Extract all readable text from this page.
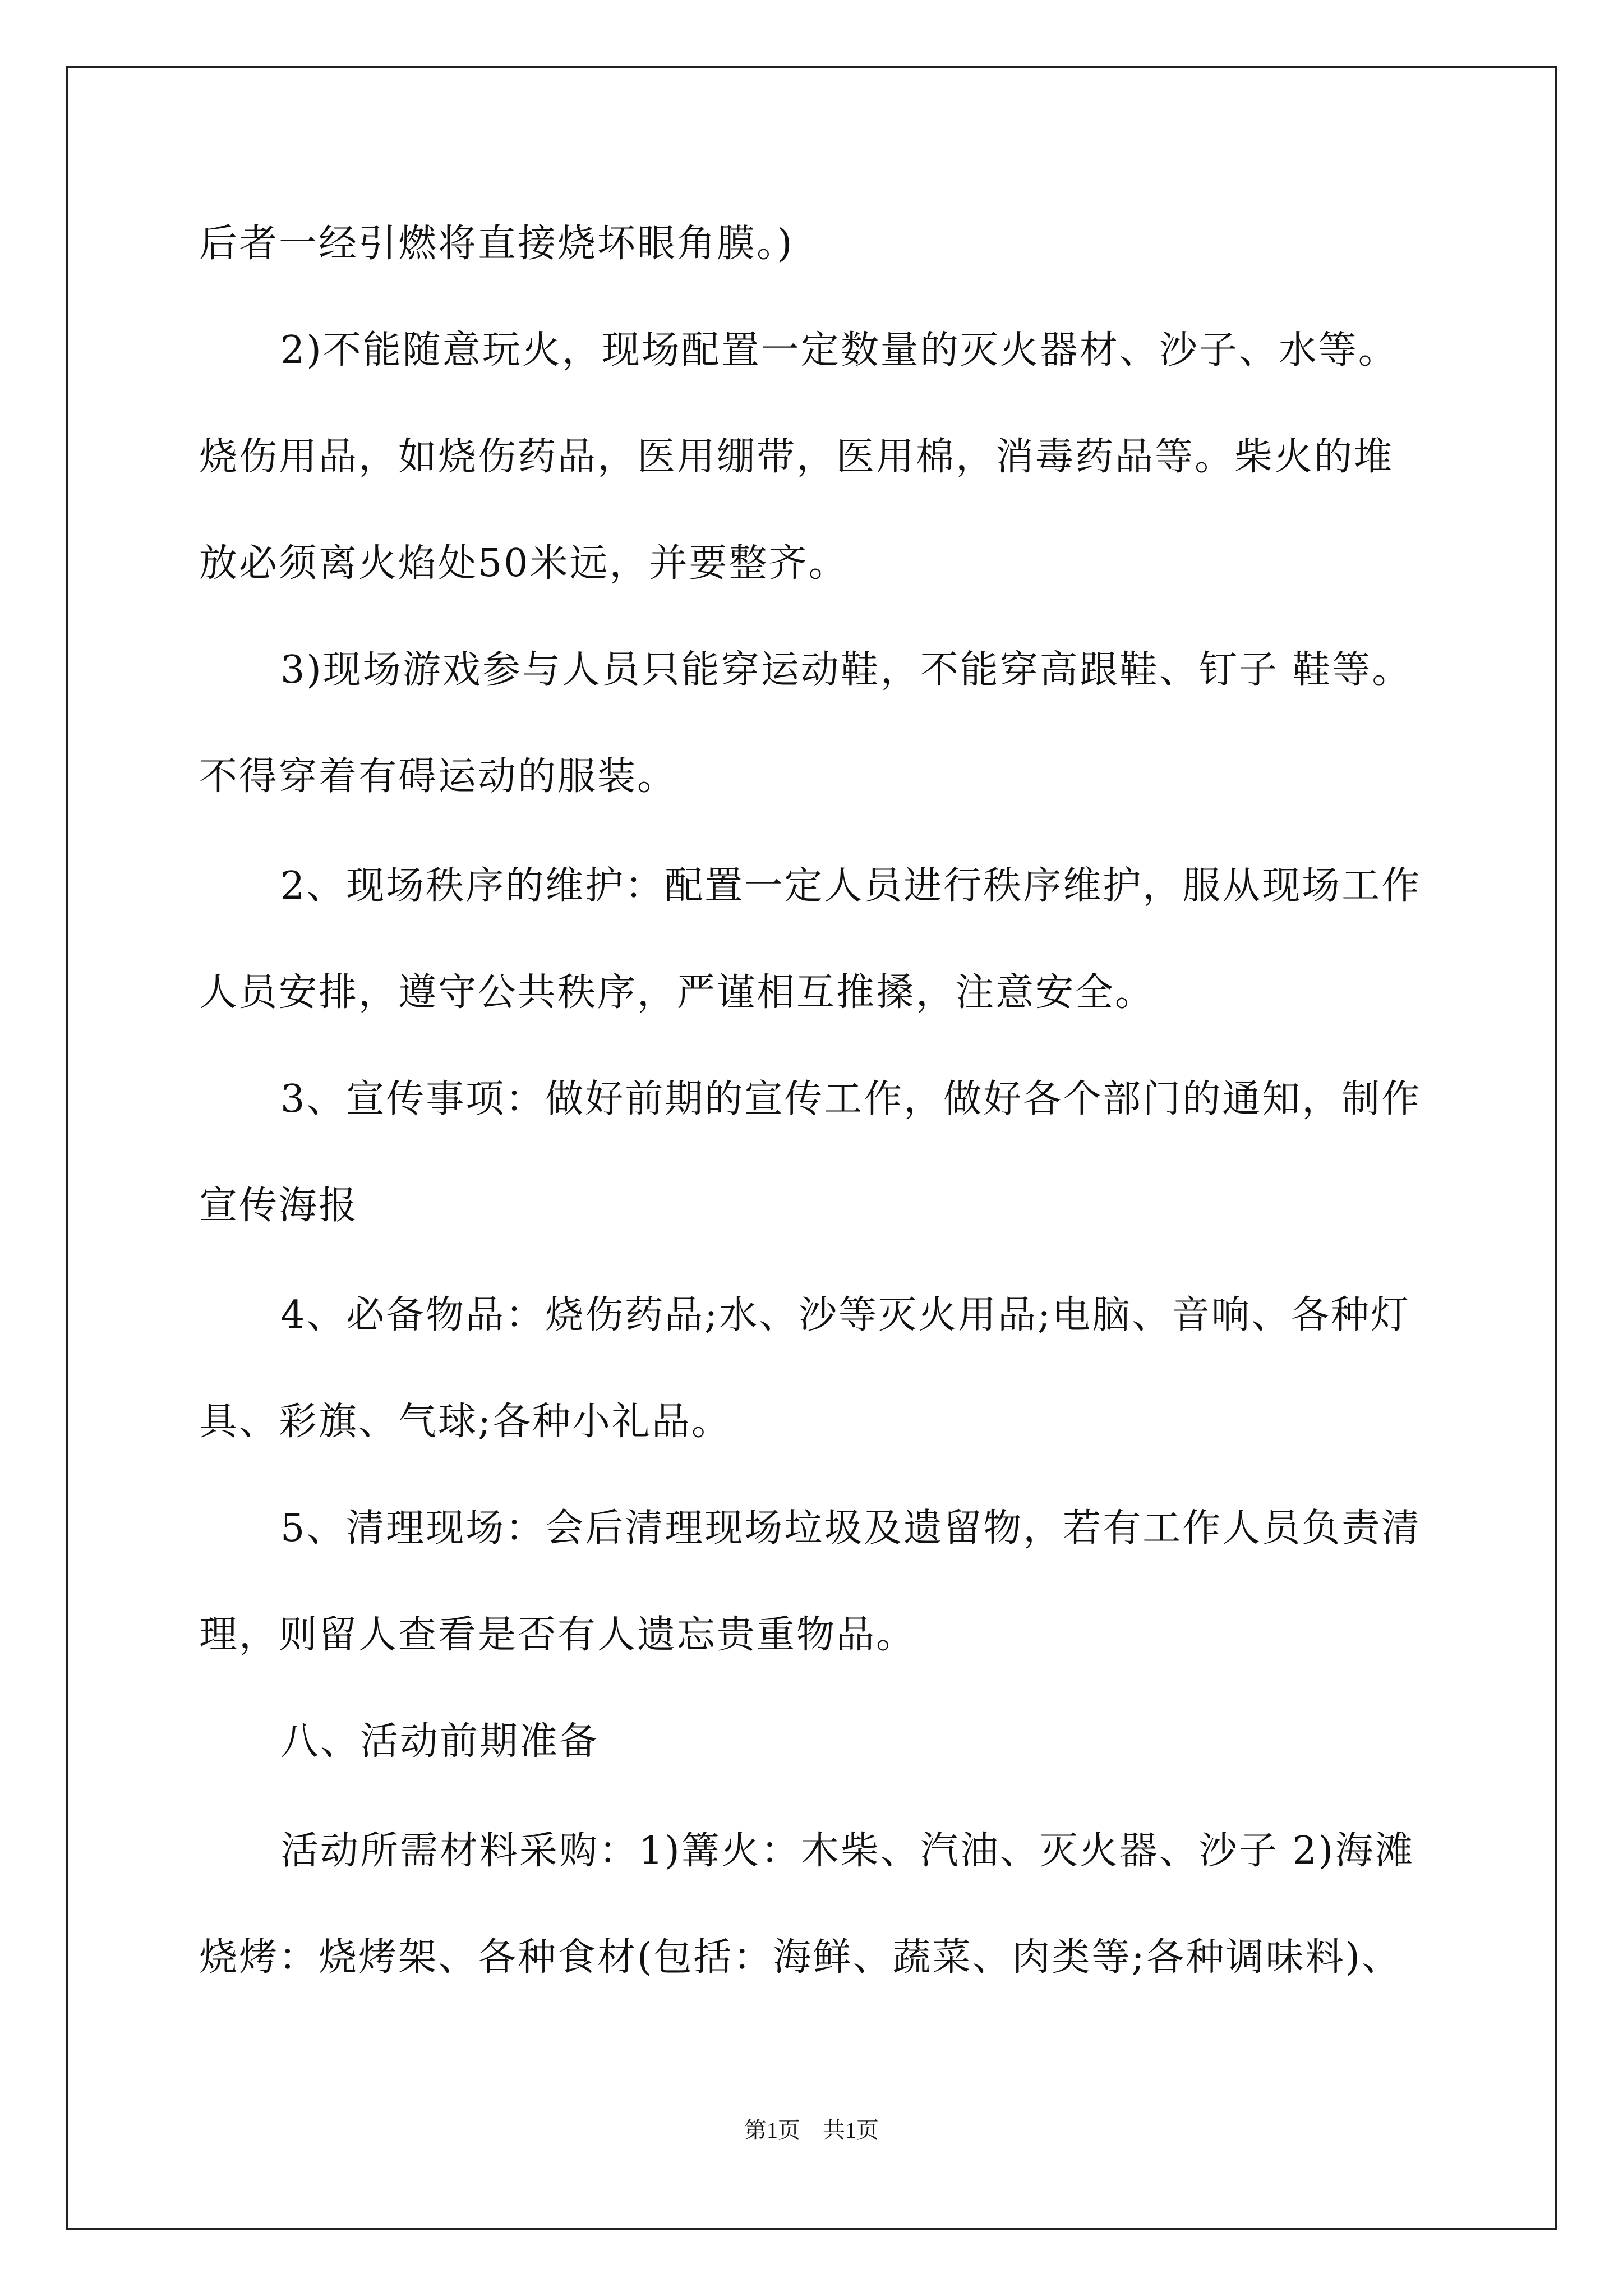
后者一经引燃将直接烧坏眼角膜。)
2)不能随意玩火，现场配置一定数量的灭火器材、沙子、水等。
烧伤用品，如烧伤药品，医用绷带，医用棉，消毒药品等。柴火的堆
放必须离火焰处50米远，并要整齐。
3)现场游戏参与人员只能穿运动鞋，不能穿高跟鞋、钉子 鞋等。
不得穿着有碍运动的服装。
2、现场秩序的维护：配置一定人员进行秩序维护，服从现场工作
人员安排，遵守公共秩序，严谨相互推搡，注意安全。
3、宣传事项：做好前期的宣传工作，做好各个部门的通知，制作
宣传海报
4、必备物品：烧伤药品;水、沙等灭火用品;电脑、音响、各种灯
具、彩旗、气球;各种小礼品。
5、清理现场：会后清理现场垃圾及遗留物，若有工作人员负责清
理，则留人查看是否有人遗忘贵重物品。
八、活动前期准备
活动所需材料采购：1)篝火：木柴、汽油、灭火器、沙子 2)海滩
烧烤：烧烤架、各种食材(包括：海鲜、蔬菜、肉类等;各种调味料)、
第1页　共1页
